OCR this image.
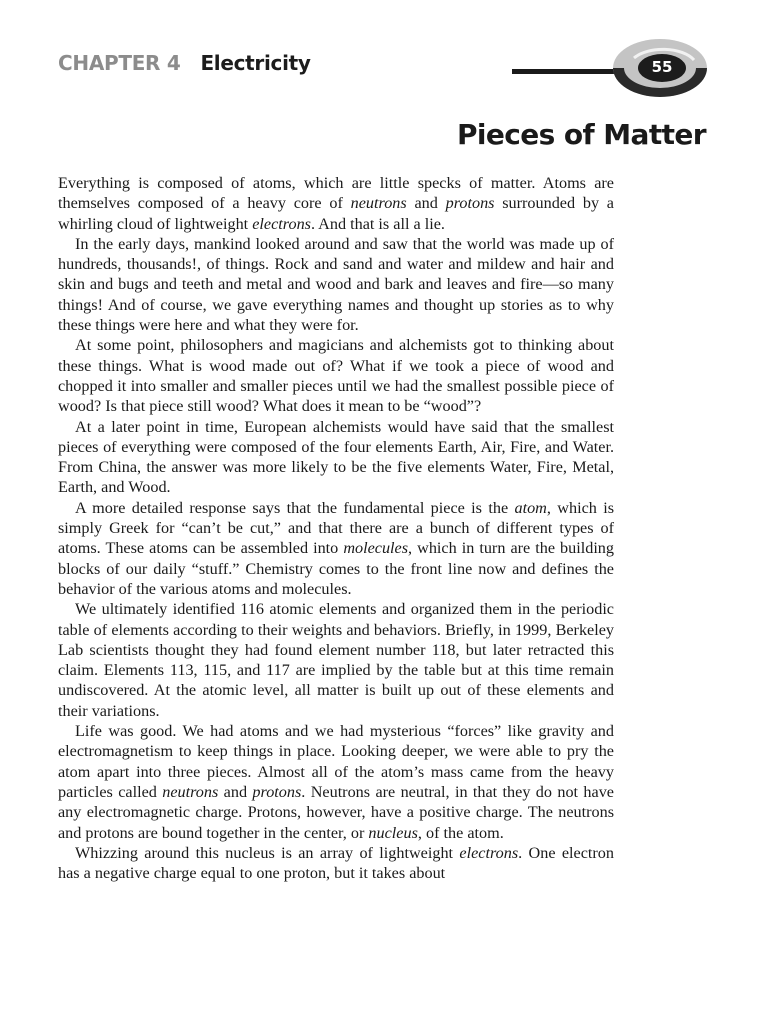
CHAPTER 4 Electricity	55
Pieces of Matter

Everything is composed of atoms, which are little specks of matter. Atoms are themselves composed of a heavy core of neutrons and protons surrounded by a whirling cloud of lightweight electrons. And that is all a lie.

In the early days, mankind looked around and saw that the world was made up of hundreds, thousands!, of things. Rock and sand and water and mildew and hair and skin and bugs and teeth and metal and wood and bark and leaves and fire—so many things! And of course, we gave everything names and thought up stories as to why these things were here and what they were for.

At some point, philosophers and magicians and alchemists got to thinking about these things. What is wood made out of? What if we took a piece of wood and chopped it into smaller and smaller pieces until we had the smallest possible piece of wood? Is that piece still wood? What does it mean to be “wood”?

At a later point in time, European alchemists would have said that the smallest pieces of everything were composed of the four elements Earth, Air, Fire, and Water. From China, the answer was more likely to be the five elements Water, Fire, Metal, Earth, and Wood.

A more detailed response says that the fundamental piece is the atom, which is simply Greek for “can’t be cut,” and that there are a bunch of different types of atoms. These atoms can be assembled into molecules, which in turn are the building blocks of our daily “stuff.” Chemistry comes to the front line now and defines the behavior of the various atoms and molecules.

We ultimately identified 116 atomic elements and organized them in the periodic table of elements according to their weights and behaviors. Briefly, in 1999, Berkeley Lab scientists thought they had found element number 118, but later retracted this claim. Elements 113, 115, and 117 are implied by the table but at this time remain undiscovered. At the atomic level, all matter is built up out of these elements and their variations.

Life was good. We had atoms and we had mysterious “forces” like gravity and electromagnetism to keep things in place. Looking deeper, we were able to pry the atom apart into three pieces. Almost all of the atom’s mass came from the heavy particles called neutrons and protons. Neutrons are neutral, in that they do not have any electromagnetic charge. Protons, however, have a positive charge. The neutrons and protons are bound together in the center, or nucleus, of the atom.

Whizzing around this nucleus is an array of lightweight electrons. One electron has a negative charge equal to one proton, but it takes about
